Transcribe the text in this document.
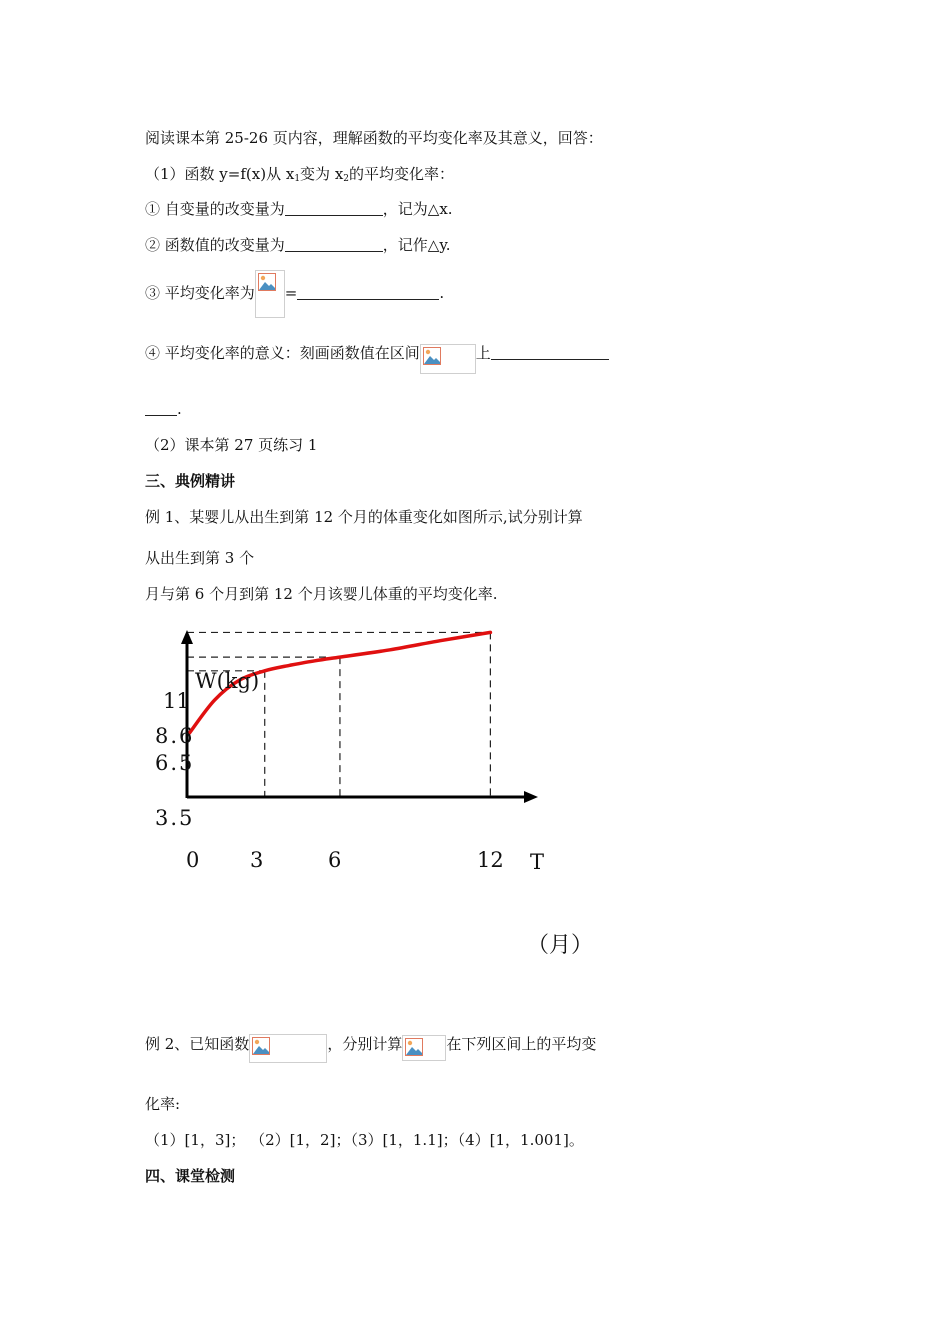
阅读课本第 25-26 页内容，理解函数的平均变化率及其意义，回答：
（1）函数 y=f(x)从 $x_1$变为 $x_2$的平均变化率：
① 自变量的改变量为	，记为△x.
② 函数值的改变量为	，记作△y.
③ 平均变化率为 =	.
④ 平均变化率的意义：刻画函数值在区间	上
.
（2）课本第 27 页练习 1
三、典例精讲
例 1、某婴儿从出生到第 12 个月的体重变化如图所示,试分别计算
从出生到第 3 个
月与第 6 个月到第 12 个月该婴儿体重的平均变化率.
W(kg)
11
8.6
6.5
3.5
0 3	6	12 T
（月）
例 2、已知函数	，分别计算	在下列区间上的平均变
化率:
（1）[1，3]； （2）[1，2]；（3）[1，1.1]；（4）[1，1.001]。
四、课堂检测
